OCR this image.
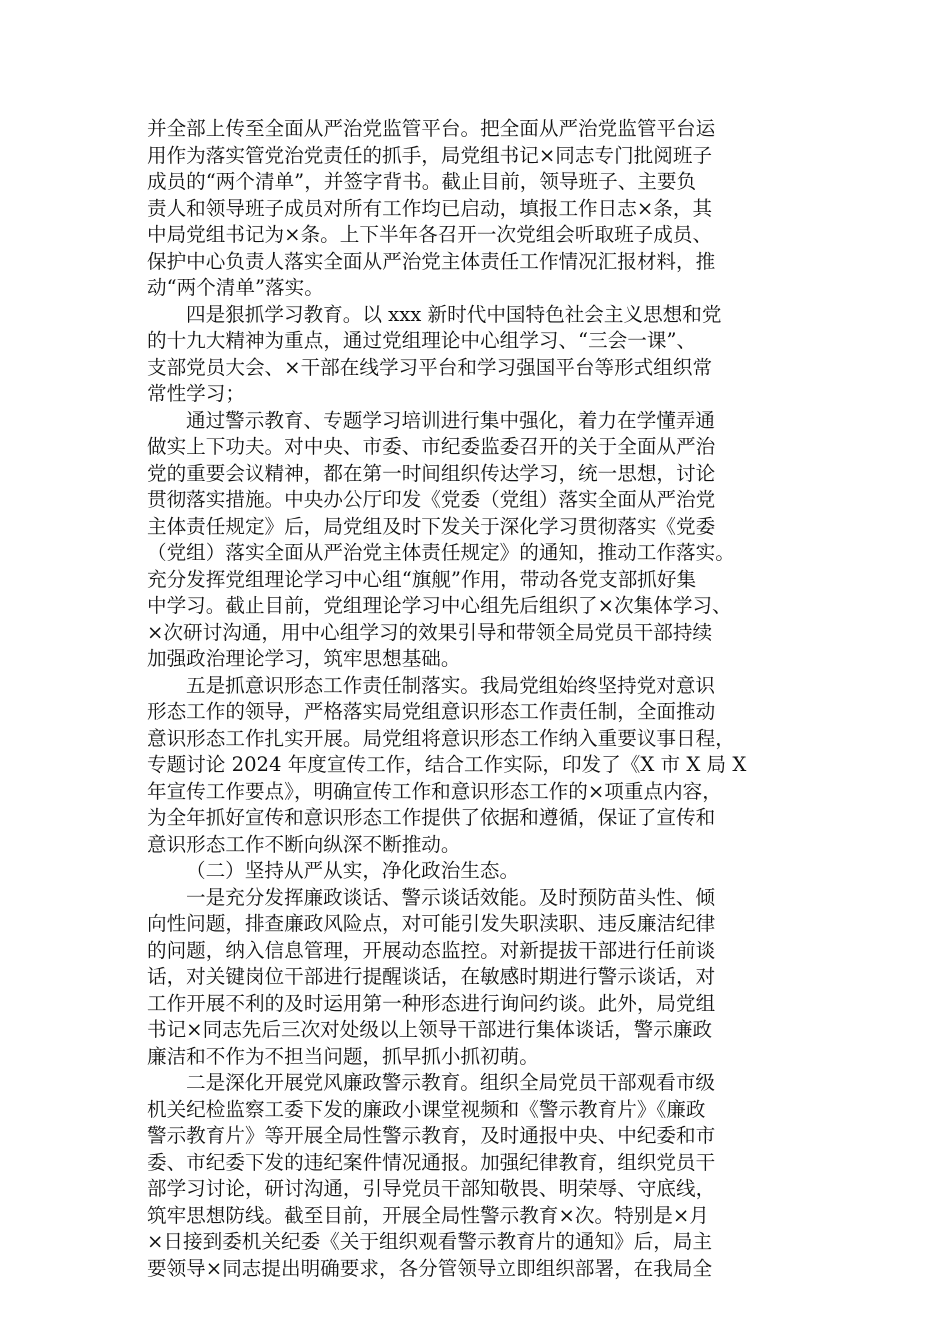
并全部上传至全面从严治党监管平台。把全面从严治党监管平台运
用作为落实管党治党责任的抓手，局党组书记×同志专门批阅班子
成员的“两个清单”，并签字背书。截止目前，领导班子、主要负
责人和领导班子成员对所有工作均已启动，填报工作日志×条，其
中局党组书记为×条。上下半年各召开一次党组会听取班子成员、
保护中心负责人落实全面从严治党主体责任工作情况汇报材料，推
动“两个清单”落实。
四是狠抓学习教育。以 xxx 新时代中国特色社会主义思想和党
的十九大精神为重点，通过党组理论中心组学习、“三会一课”、
支部党员大会、×干部在线学习平台和学习强国平台等形式组织常
常性学习；
通过警示教育、专题学习培训进行集中强化，着力在学懂弄通
做实上下功夫。对中央、市委、市纪委监委召开的关于全面从严治
党的重要会议精神，都在第一时间组织传达学习，统一思想，讨论
贯彻落实措施。中央办公厅印发《党委（党组）落实全面从严治党
主体责任规定》后，局党组及时下发关于深化学习贯彻落实《党委
（党组）落实全面从严治党主体责任规定》的通知，推动工作落实。
充分发挥党组理论学习中心组“旗舰”作用，带动各党支部抓好集
中学习。截止目前，党组理论学习中心组先后组织了×次集体学习、
×次研讨沟通，用中心组学习的效果引导和带领全局党员干部持续
加强政治理论学习，筑牢思想基础。
五是抓意识形态工作责任制落实。我局党组始终坚持党对意识
形态工作的领导，严格落实局党组意识形态工作责任制，全面推动
意识形态工作扎实开展。局党组将意识形态工作纳入重要议事日程，
专题讨论 2024 年度宣传工作，结合工作实际，印发了《X 市 X 局 X
年宣传工作要点》，明确宣传工作和意识形态工作的×项重点内容，
为全年抓好宣传和意识形态工作提供了依据和遵循，保证了宣传和
意识形态工作不断向纵深不断推动。
（二）坚持从严从实，净化政治生态。
一是充分发挥廉政谈话、警示谈话效能。及时预防苗头性、倾
向性问题，排查廉政风险点，对可能引发失职渎职、违反廉洁纪律
的问题，纳入信息管理，开展动态监控。对新提拔干部进行任前谈
话，对关键岗位干部进行提醒谈话，在敏感时期进行警示谈话，对
工作开展不利的及时运用第一种形态进行询问约谈。此外，局党组
书记×同志先后三次对处级以上领导干部进行集体谈话，警示廉政
廉洁和不作为不担当问题，抓早抓小抓初萌。
二是深化开展党风廉政警示教育。组织全局党员干部观看市级
机关纪检监察工委下发的廉政小课堂视频和《警示教育片》《廉政
警示教育片》等开展全局性警示教育，及时通报中央、中纪委和市
委、市纪委下发的违纪案件情况通报。加强纪律教育，组织党员干
部学习讨论，研讨沟通，引导党员干部知敬畏、明荣辱、守底线，
筑牢思想防线。截至目前，开展全局性警示教育×次。特别是×月
×日接到委机关纪委《关于组织观看警示教育片的通知》后，局主
要领导×同志提出明确要求，各分管领导立即组织部署，在我局全
